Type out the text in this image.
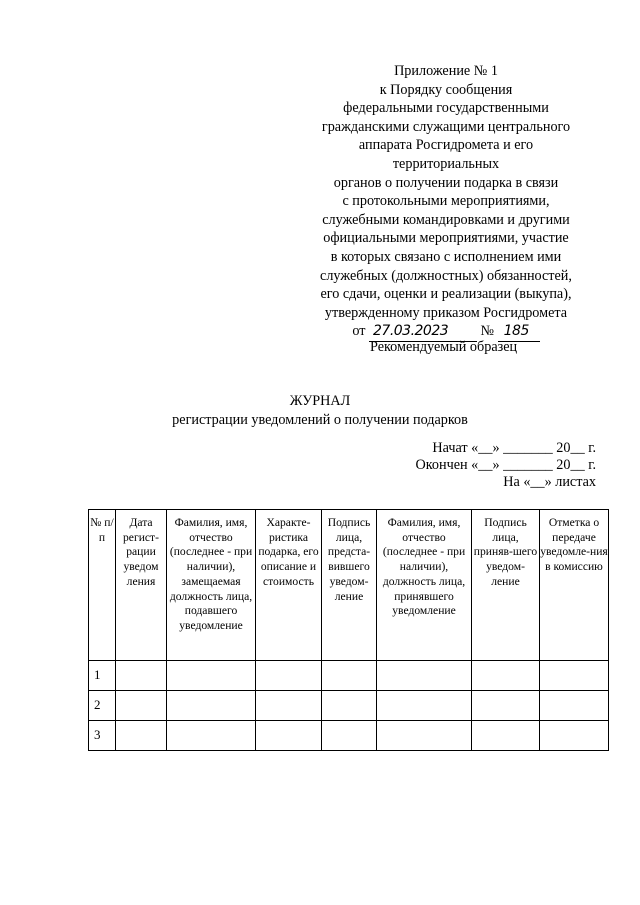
Приложение № 1
к Порядку сообщения
федеральными государственными
гражданскими служащими центрального
аппарата Росгидромета и его
территориальных
органов о получении подарка в связи
с протокольными мероприятиями,
служебными командировками и другими
официальными мероприятиями, участие
в которых связано с исполнением ими
служебных (должностных) обязанностей,
его сдачи, оценки и реализации (выкупа),
утвержденному приказом Росгидромета
от 27.03.2023 № 185
Рекомендуемый образец
ЖУРНАЛ
регистрации уведомлений о получении подарков
Начат «__» _______ 20__ г.
Окончен «__» _______ 20__ г.
На «__» листах
№ п/п	Дата регист-рации уведом ления	Фамилия, имя, отчество (последнее - при наличии), замещаемая должность лица, подавшего уведомление	Характе-ристика подарка, его описание и стоимость	Подпись лица, предста-вившего уведом-ление	Фамилия, имя, отчество (последнее - при наличии), должность лица, принявшего уведомление	Подпись лица, приняв-шего уведом-ление	Отметка о передаче уведомле-ния в комиссию
1							
2							
3							
